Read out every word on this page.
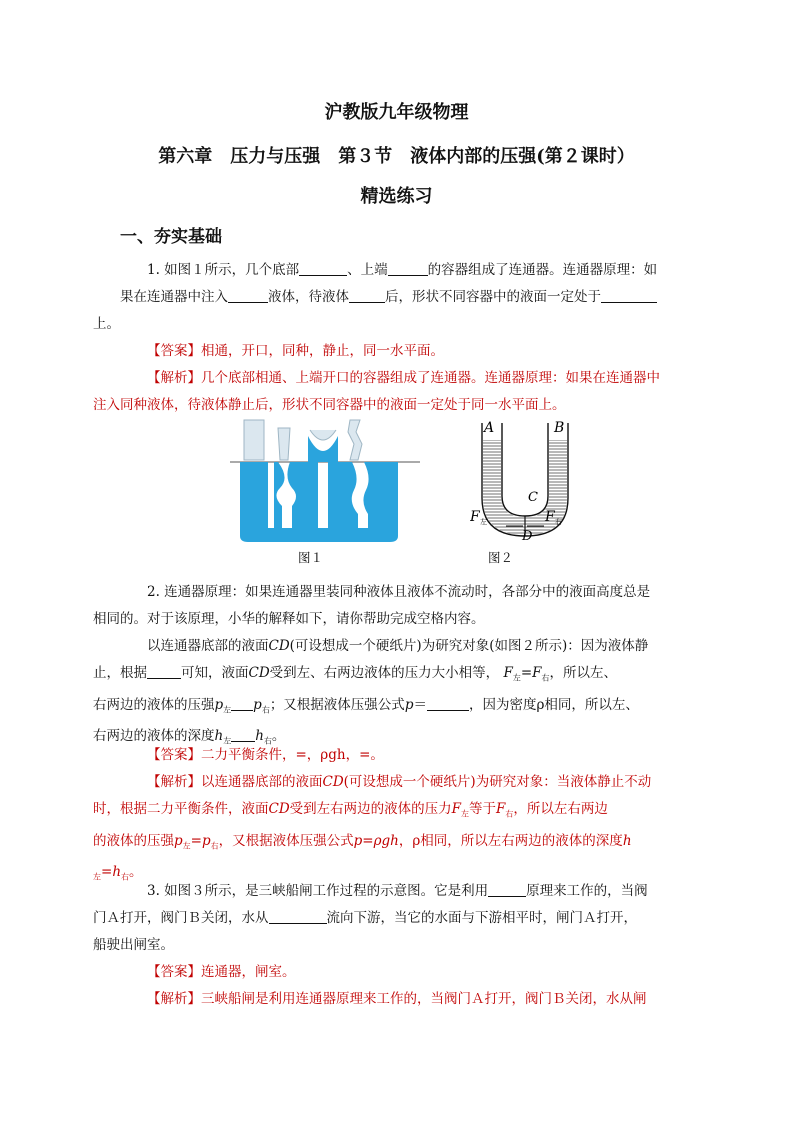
沪教版九年级物理
第六章　压力与压强　第３节　液体内部的压强(第２课时）
精选练习
一、夯实基础
1. 如图１所示，几个底部	、上端	的容器组成了连通器。连通器原理：如
果在连通器中注入	液体，待液体	后，形状不同容器中的液面一定处于
上。
【答案】相通，开口，同种，静止，同一水平面。
【解析】几个底部相通、上端开口的容器组成了连通器。连通器原理：如果在连通器中
注入同种液体，待液体静止后，形状不同容器中的液面一定处于同一水平面上。
图１
A	B
C
D
F 左	F 右
图２
2. 连通器原理：如果连通器里装同种液体且液体不流动时，各部分中的液面高度总是
相同的。对于该原理，小华的解释如下，请你帮助完成空格内容。
以连通器底部的液面CD(可设想成一个硬纸片)为研究对象(如图２所示)：因为液体静
止，根据	可知，液面CD受到左、右两边液体的压力大小相等， $F_左=F_右$，所以左、
右两边的液体的压强$p_左$ $p_右$；又根据液体压强公式p＝	，因为密度ρ相同，所以左、
右两边的液体的深度$h_左$ $h_右$。
【答案】二力平衡条件，=，ρgh，=。
【解析】以连通器底部的液面CD(可设想成一个硬纸片)为研究对象：当液体静止不动
时，根据二力平衡条件，液面CD受到左右两边的液体的压力$F_左$等于$F_右$，所以左右两边
的液体的压强$p_左=p_右$，又根据液体压强公式p=ρgh，ρ相同，所以左右两边的液体的深度h
$_左=h_右$。
3. 如图３所示，是三峡船闸工作过程的示意图。它是利用	原理来工作的，当阀
门Ａ打开，阀门Ｂ关闭，水从	流向下游，当它的水面与下游相平时，闸门Ａ打开，
船驶出闸室。
【答案】连通器，闸室。
【解析】三峡船闸是利用连通器原理来工作的，当阀门Ａ打开，阀门Ｂ关闭，水从闸
